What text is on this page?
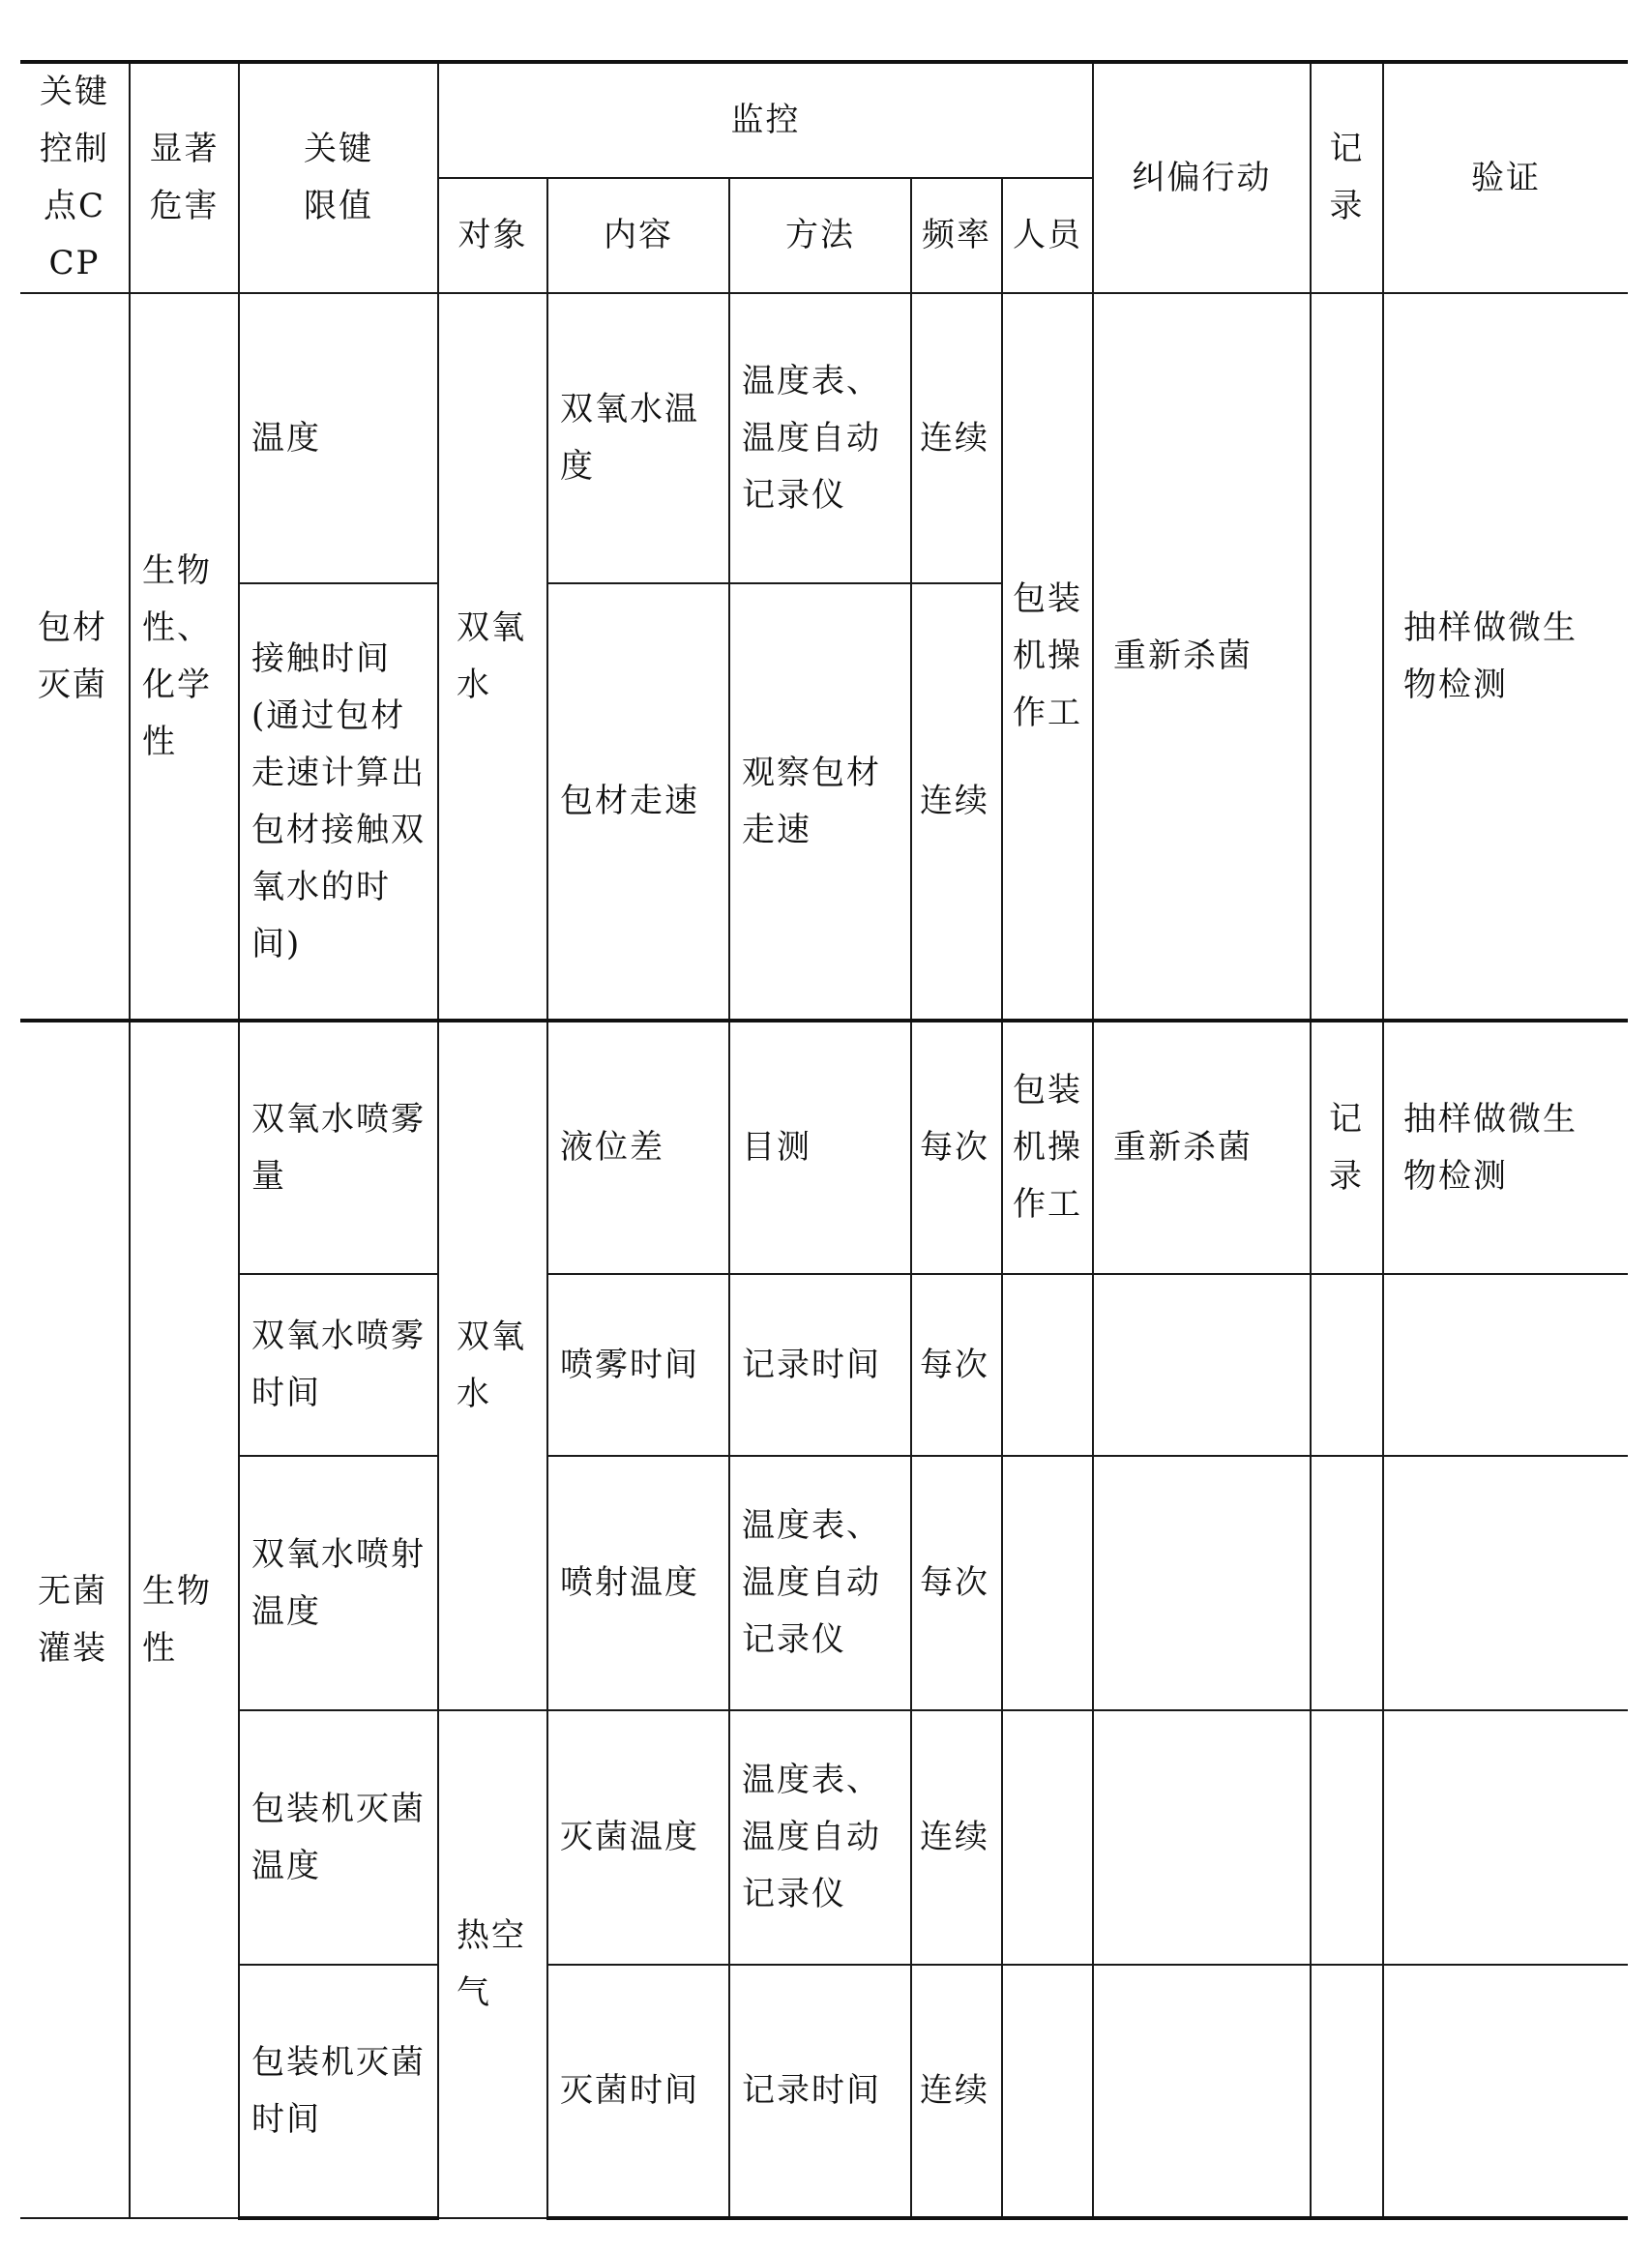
关键控制点CCP	显著危害	关键限值	监控					纠偏行动	记录	验证
			对象	内容	方法	频率	人员			
包材灭菌	生物性、化学性	温度	双氧水	双氧水温度	温度表、温度自动记录仪	连续	包装机操作工	重新杀菌		抽样做微生物检测
		接触时间(通过包材走速计算出包材接触双氧水的时间)		包材走速	观察包材走速	连续				
无菌灌装	生物性	双氧水喷雾量	双氧水	液位差	目测	每次	包装机操作工	重新杀菌	记录	抽样做微生物检测
		双氧水喷雾时间		喷雾时间	记录时间	每次				
		双氧水喷射温度		喷射温度	温度表、温度自动记录仪	每次				
		包装机灭菌温度	热空气	灭菌温度	温度表、温度自动记录仪	连续				
		包装机灭菌时间		灭菌时间	记录时间	连续				
